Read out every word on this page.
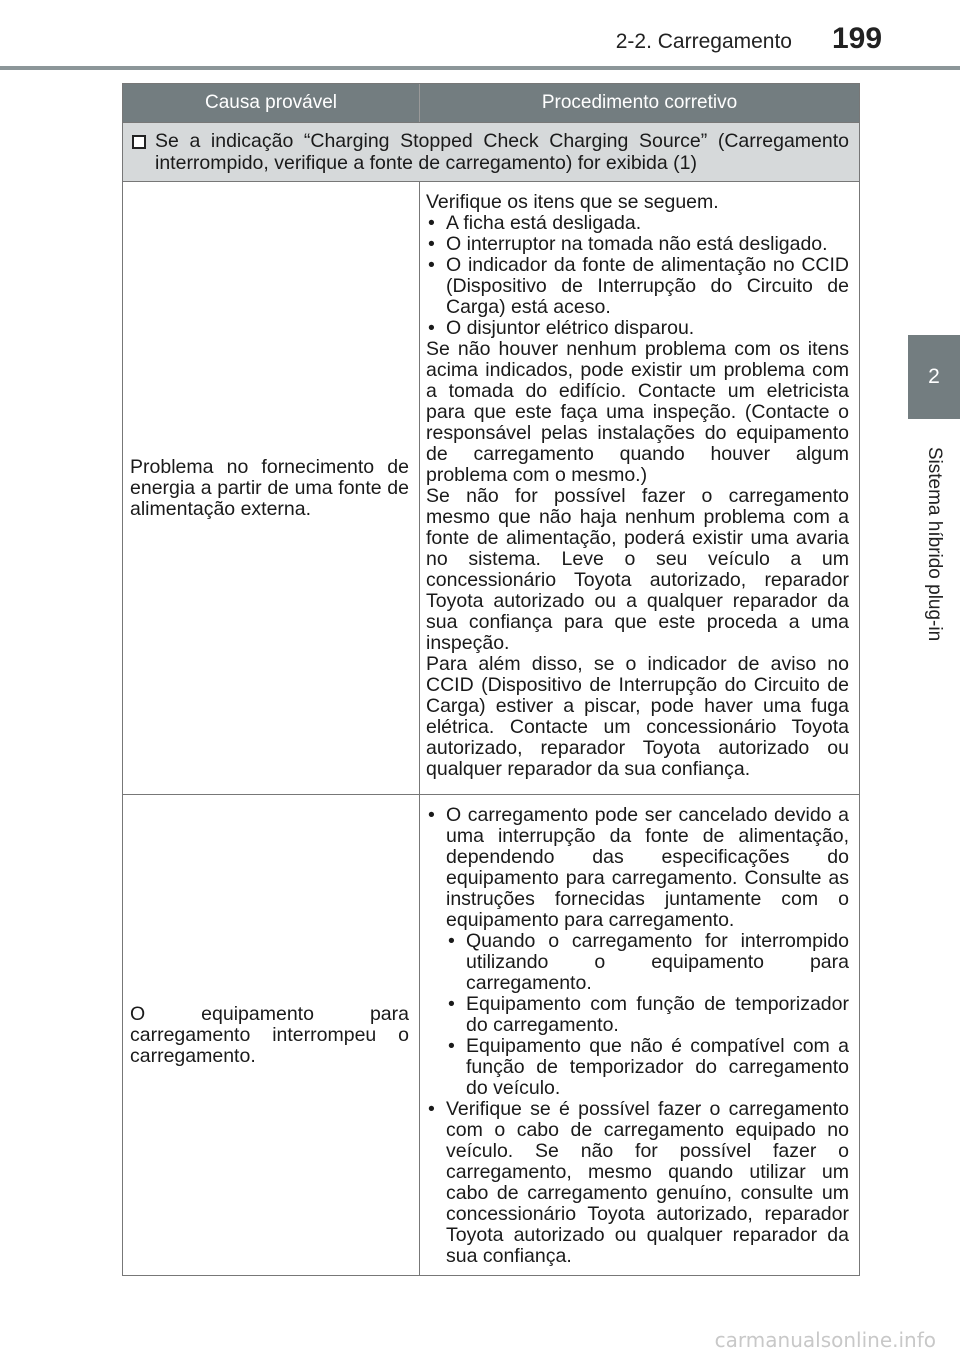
2-2. Carregamento 199
2
Sistema híbrido plug-in
Causa provável	Procedimento corretivo
Se a indicação “Charging Stopped Check Charging Source” (Carregamento interrompido, verifique a fonte de carregamento) for exibida (1)

Problema no fornecimento de energia a partir de uma fonte de alimentação externa.

Verifique os itens que se seguem.

• A ficha está desligada.
• O interruptor na tomada não está desligado.
• O indicador da fonte de alimentação no CCID (Dispositivo de Interrupção do Circuito de Carga) está aceso.
• O disjuntor elétrico disparou.

Se não houver nenhum problema com os itens acima indicados, pode existir um problema com a tomada do edifício. Contacte um eletricista para que este faça uma inspeção. (Contacte o responsável pelas instalações do equipamento de carregamento quando houver algum problema com o mesmo.)

Se não for possível fazer o carregamento mesmo que não haja nenhum problema com a fonte de alimentação, poderá existir uma avaria no sistema. Leve o seu veículo a um concessionário Toyota autorizado, reparador Toyota autorizado ou a qualquer reparador da sua confiança para que este proceda a uma inspeção.

Para além disso, se o indicador de aviso no CCID (Dispositivo de Interrupção do Circuito de Carga) estiver a piscar, pode haver uma fuga elétrica. Contacte um concessionário Toyota autorizado, reparador Toyota autorizado ou qualquer reparador da sua confiança.

O equipamento para carregamento interrompeu o carregamento.

• O carregamento pode ser cancelado devido a uma interrupção da fonte de alimentação, dependendo das especificações do equipamento para carregamento. Consulte as instruções fornecidas juntamente com o equipamento para carregamento.
• Quando o carregamento for interrompido utilizando o equipamento para carregamento.
• Equipamento com função de temporizador do carregamento.
• Equipamento que não é compatível com a função de temporizador do carregamento do veículo.
• Verifique se é possível fazer o carregamento com o cabo de carregamento equipado no veículo. Se não for possível fazer o carregamento, mesmo quando utilizar um cabo de carregamento genuíno, consulte um concessionário Toyota autorizado, reparador Toyota autorizado ou qualquer reparador da sua confiança.
carmanualsonline.info
